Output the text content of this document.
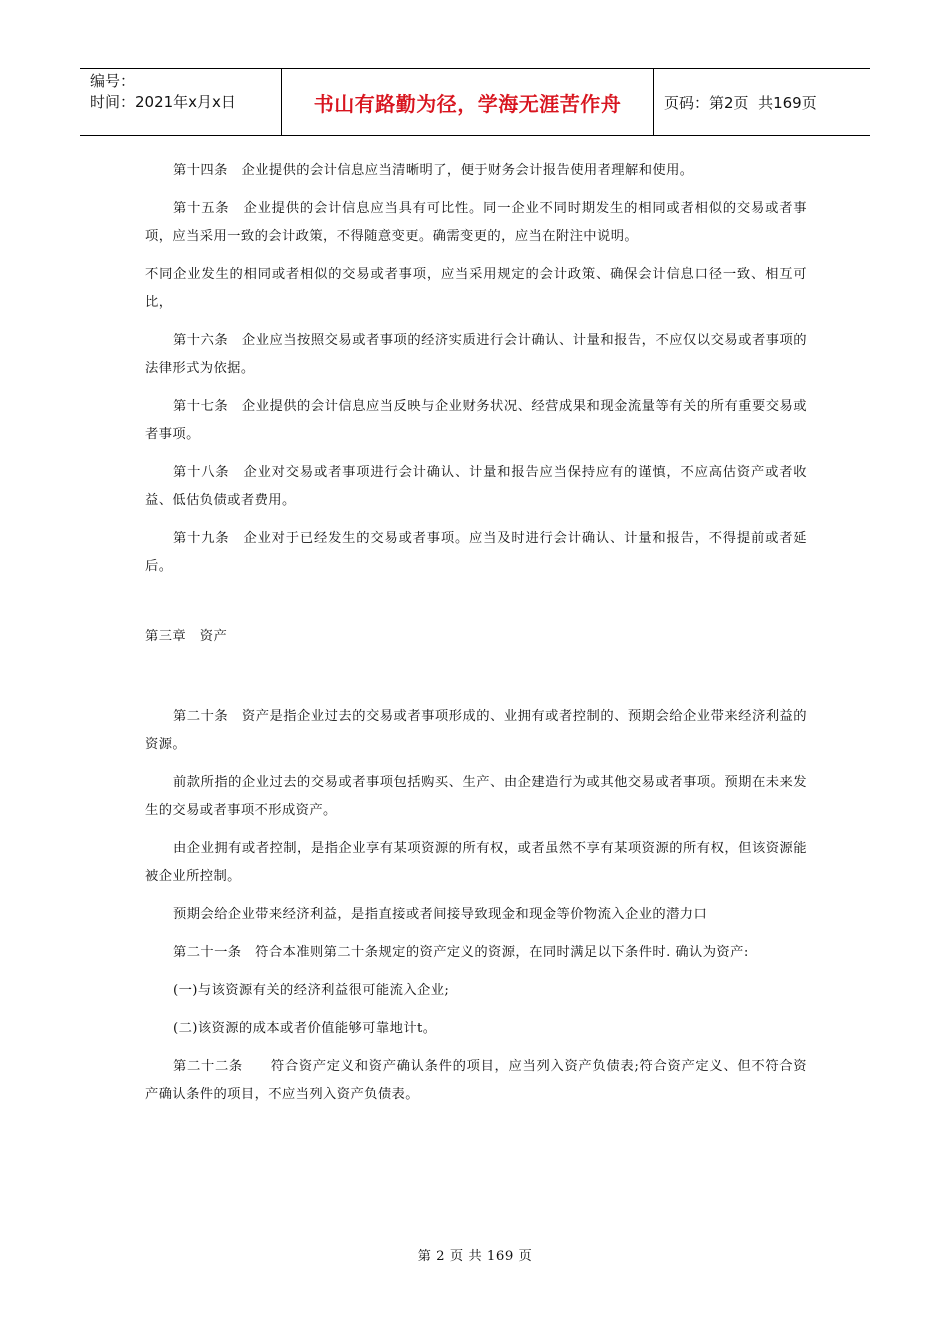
编号：
时间：2021年x月x日	书山有路勤为径，学海无涯苦作舟	页码：第2页  共169页

第十四条　企业提供的会计信息应当清晰明了，便于财务会计报告使用者理解和使用。

第十五条　企业提供的会计信息应当具有可比性。同一企业不同时期发生的相同或者相似的交易或者事项，应当采用一致的会计政策，不得随意变更。确需变更的，应当在附注中说明。

不同企业发生的相同或者相似的交易或者事项，应当采用规定的会计政策、确保会计信息口径一致、相互可比，

第十六条　企业应当按照交易或者事项的经济实质进行会计确认、计量和报告，不应仅以交易或者事项的法律形式为依据。

第十七条　企业提供的会计信息应当反映与企业财务状况、经营成果和现金流量等有关的所有重要交易或者事项。

第十八条　企业对交易或者事项进行会计确认、计量和报告应当保持应有的谨慎，不应高估资产或者收益、低估负债或者费用。

第十九条　企业对于已经发生的交易或者事项。应当及时进行会计确认、计量和报告，不得提前或者延后。

第三章　资产

第二十条　资产是指企业过去的交易或者事项形成的、业拥有或者控制的、预期会给企业带来经济利益的资源。

前款所指的企业过去的交易或者事项包括购买、生产、由企建造行为或其他交易或者事项。预期在未来发生的交易或者事项不形成资产。

由企业拥有或者控制，是指企业享有某项资源的所有权，或者虽然不享有某项资源的所有权，但该资源能被企业所控制。

预期会给企业带来经济利益，是指直接或者间接导致现金和现金等价物流入企业的潜力口

第二十一条　符合本准则第二十条规定的资产定义的资源，在同时满足以下条件时. 确认为资产:

(一)与该资源有关的经济利益很可能流入企业;

(二)该资源的成本或者价值能够可靠地计t。

第二十二条　　符合资产定义和资产确认条件的项目，应当列入资产负债表;符合资产定义、但不符合资产确认条件的项目，不应当列入资产负债表。

第 2 页 共 169 页
